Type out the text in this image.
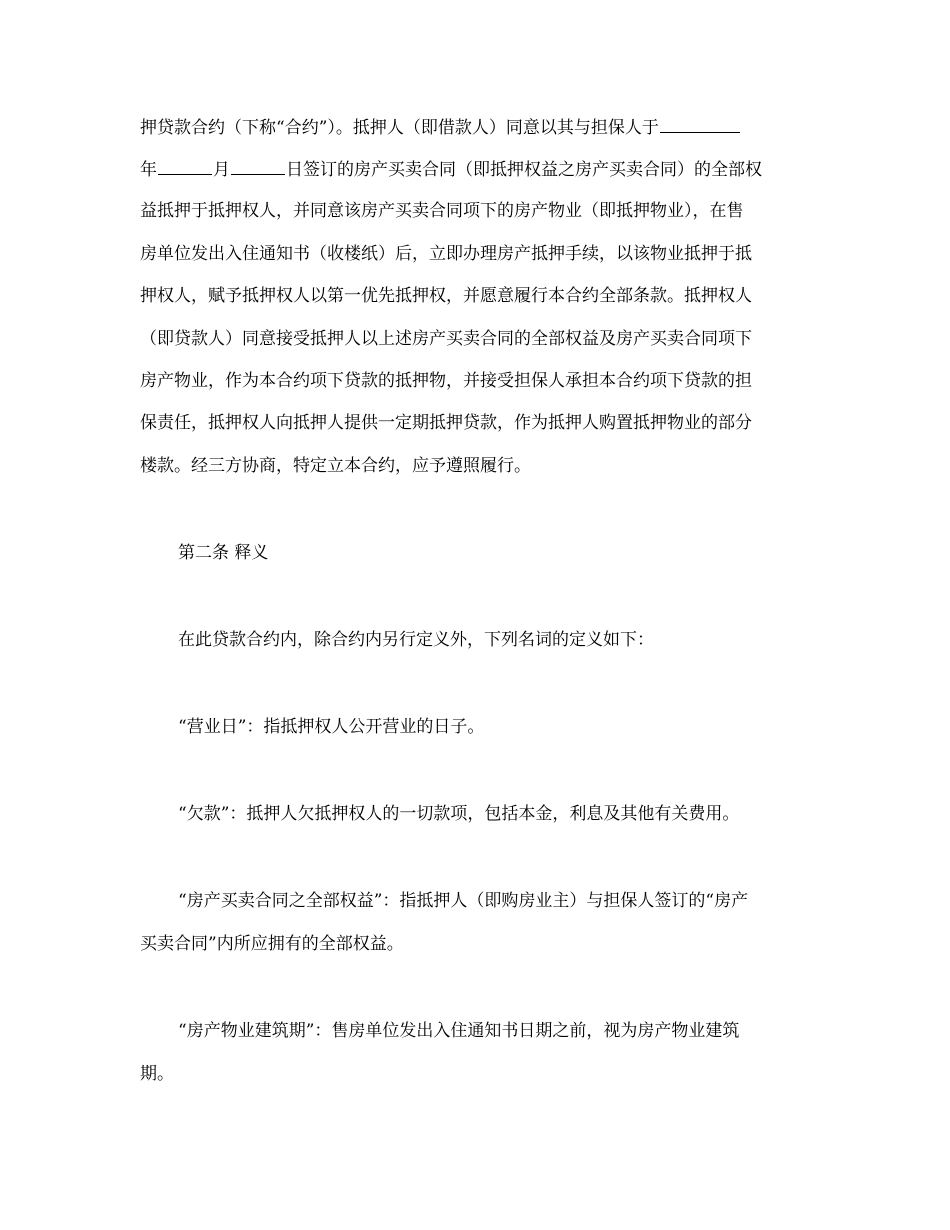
押贷款合约（下称“合约”）。抵押人（即借款人）同意以其与担保人于
年	月	日签订的房产买卖合同（即抵押权益之房产买卖合同）的全部权
益抵押于抵押权人，并同意该房产买卖合同项下的房产物业（即抵押物业），在售
房单位发出入住通知书（收楼纸）后，立即办理房产抵押手续，以该物业抵押于抵
押权人，赋予抵押权人以第一优先抵押权，并愿意履行本合约全部条款。抵押权人
（即贷款人）同意接受抵押人以上述房产买卖合同的全部权益及房产买卖合同项下
房产物业，作为本合约项下贷款的抵押物，并接受担保人承担本合约项下贷款的担
保责任，抵押权人向抵押人提供一定期抵押贷款，作为抵押人购置抵押物业的部分
楼款。经三方协商，特定立本合约，应予遵照履行。
第二条 释义
在此贷款合约内，除合约内另行定义外，下列名词的定义如下：
“营业日”：指抵押权人公开营业的日子。
“欠款”：抵押人欠抵押权人的一切款项，包括本金，利息及其他有关费用。
“房产买卖合同之全部权益”：指抵押人（即购房业主）与担保人签订的“房产
买卖合同”内所应拥有的全部权益。
“房产物业建筑期”：售房单位发出入住通知书日期之前，视为房产物业建筑
期。
